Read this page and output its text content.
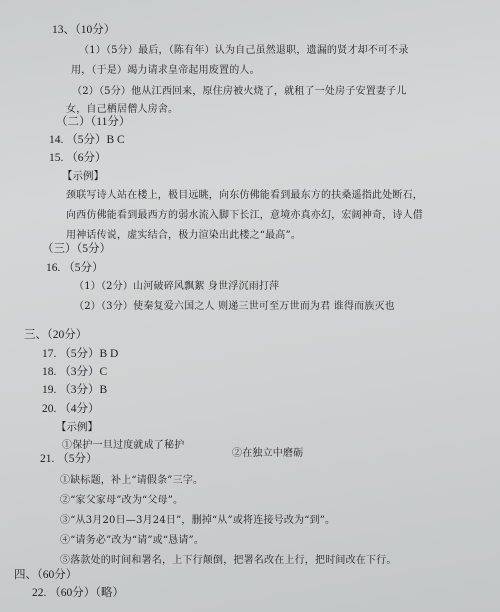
13、（10分）
（1）（5分）最后，（陈有年）认为自己虽然退职，遗漏的贤才却不可不录
用，（于是）竭力请求皇帝起用废置的人。
（2）（5分）他从江西回来，原住房被火烧了，就租了一处房子安置妻子儿
女，自己栖居僧人房舍。
（二）（11分）
14. （5分）B C
15. （6分）
【示例】
颈联写诗人站在楼上，极目远眺，向东仿佛能看到最东方的扶桑遥指此处断石，
向西仿佛能看到最西方的弱水流入脚下长江，意境亦真亦幻，宏阔神奇，诗人借
用神话传说，虚实结合，极力渲染出此楼之“最高”。
（三）（5分）
16. （5分）
（1）（2分）山河破碎风飘絮 身世浮沉雨打萍
（2）（3分）使秦复爱六国之人 则递三世可至万世而为君 谁得而族灭也
三、（20分）
17. （5分）B D
18. （3分）C
19. （3分）B
20. （4分）
【示例】
①保护一旦过度就成了秘护
②在独立中磨砺
21. （5分）
①缺标题，补上“请假条”三字。
②“家父家母”改为“父母”。
③“从3月20日—3月24日”，删掉“从”或将连接号改为“到”。
④“请务必”改为“请”或“恳请”。
⑤落款处的时间和署名，上下行颠倒，把署名改在上行，把时间改在下行。
四、（60分）
22. （60分）（略）
